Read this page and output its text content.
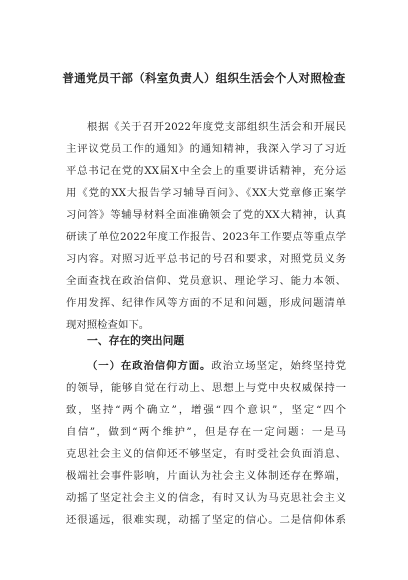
普通党员干部（科室负责人）组织生活会个人对照检查
根据《关于召开2022年度党支部组织生活会和开展民
主评议党员工作的通知》的通知精神，我深入学习了习近
平总书记在党的XX届X中全会上的重要讲话精神，充分运
用《党的XX大报告学习辅导百问》、《XX大党章修正案学
习问答》等辅导材料全面准确领会了党的XX大精神，认真
研读了单位2022年度工作报告、2023年工作要点等重点学
习内容。对照习近平总书记的号召和要求，对照党员义务
全面查找在政治信仰、党员意识、理论学习、能力本领、
作用发挥、纪律作风等方面的不足和问题，形成问题清单
现对照检查如下。
一、存在的突出问题
（一）在政治信仰方面。政治立场坚定，始终坚持党
的领导，能够自觉在行动上、思想上与党中央权威保持一
致，坚持“两个确立”，增强“四个意识”，坚定“四个
自信”，做到“两个维护”，但是存在一定问题：一是马
克思社会主义的信仰还不够坚定，有时受社会负面消息、
极端社会事件影响，片面认为社会主义体制还存在弊端，
动摇了坚定社会主义的信念，有时又认为马克思社会主义
还很遥远，很难实现，动摇了坚定的信心。二是信仰体系
